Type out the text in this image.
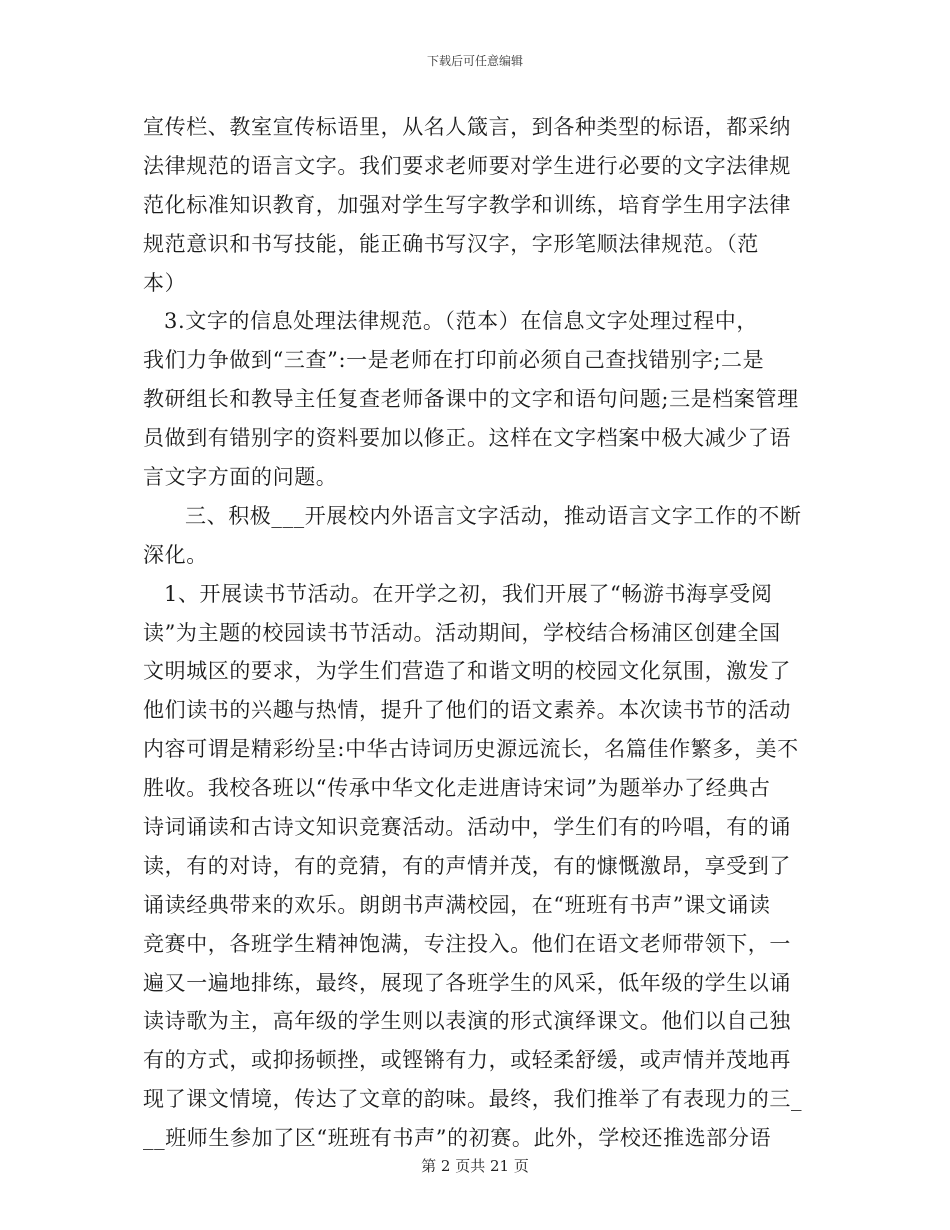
下载后可任意编辑
宣传栏、教室宣传标语里，从名人箴言，到各种类型的标语，都采纳
法律规范的语言文字。我们要求老师要对学生进行必要的文字法律规
范化标准知识教育，加强对学生写字教学和训练，培育学生用字法律
规范意识和书写技能，能正确书写汉字，字形笔顺法律规范。（范
本）
3.文字的信息处理法律规范。（范本）在信息文字处理过程中，
我们力争做到“三查”:一是老师在打印前必须自己查找错别字;二是
教研组长和教导主任复查老师备课中的文字和语句问题;三是档案管理
员做到有错别字的资料要加以修正。这样在文字档案中极大减少了语
言文字方面的问题。
三、积极___开展校内外语言文字活动，推动语言文字工作的不断
深化。
1、开展读书节活动。在开学之初，我们开展了“畅游书海享受阅
读”为主题的校园读书节活动。活动期间，学校结合杨浦区创建全国
文明城区的要求，为学生们营造了和谐文明的校园文化氛围，激发了
他们读书的兴趣与热情，提升了他们的语文素养。本次读书节的活动
内容可谓是精彩纷呈:中华古诗词历史源远流长，名篇佳作繁多，美不
胜收。我校各班以“传承中华文化走进唐诗宋词”为题举办了经典古
诗词诵读和古诗文知识竞赛活动。活动中，学生们有的吟唱，有的诵
读，有的对诗，有的竞猜，有的声情并茂，有的慷慨激昂，享受到了
诵读经典带来的欢乐。朗朗书声满校园，在“班班有书声”课文诵读
竞赛中，各班学生精神饱满，专注投入。他们在语文老师带领下，一
遍又一遍地排练，最终，展现了各班学生的风采，低年级的学生以诵
读诗歌为主，高年级的学生则以表演的形式演绎课文。他们以自己独
有的方式，或抑扬顿挫，或铿锵有力，或轻柔舒缓，或声情并茂地再
现了课文情境，传达了文章的韵味。最终，我们推举了有表现力的三_
__班师生参加了区“班班有书声”的初赛。此外，学校还推选部分语
第 2 页共 21 页
